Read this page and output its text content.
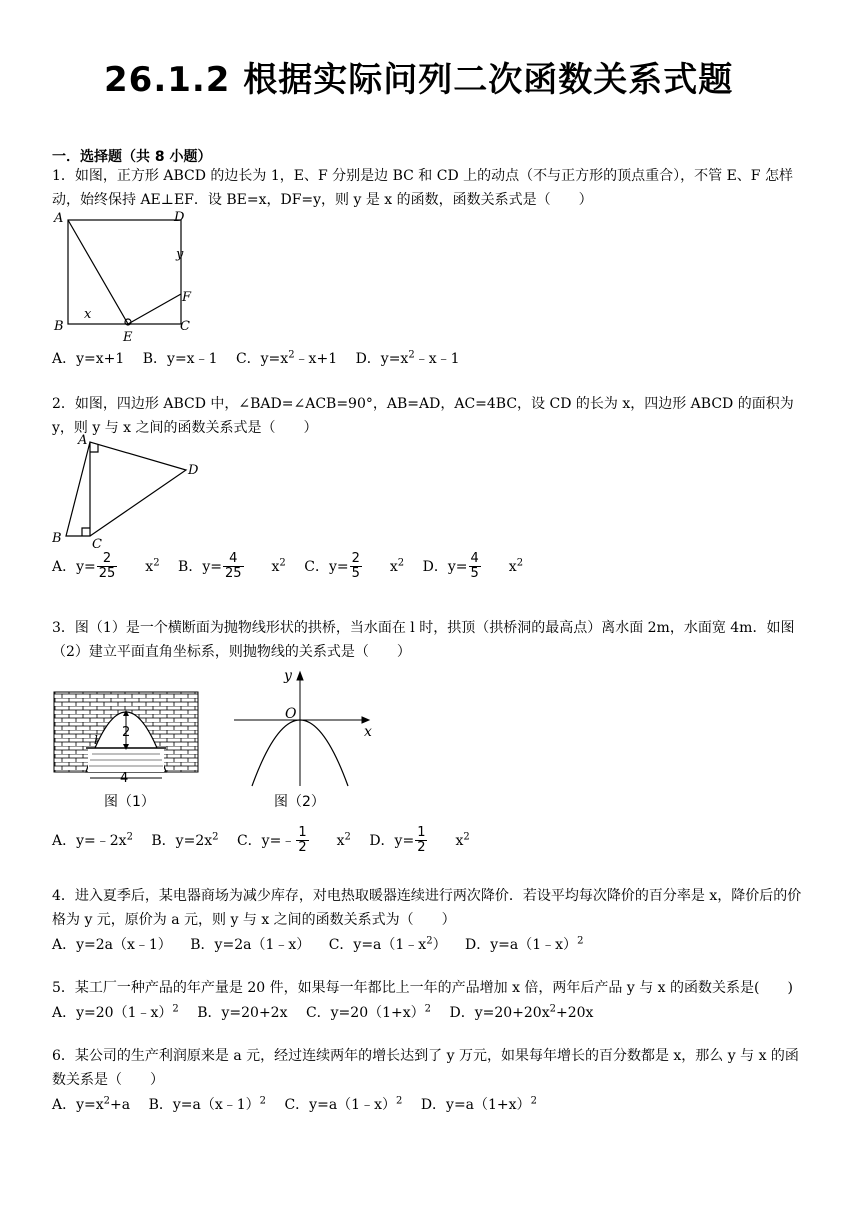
26.1.2 根据实际问列二次函数关系式题
一．选择题（共 8 小题）
1．如图，正方形 ABCD 的边长为 1，E、F 分别是边 BC 和 CD 上的动点（不与正方形的顶点重合），不管 E、F 怎样动，始终保持 AE⊥EF．设 BE=x，DF=y，则 y 是 x 的函数，函数关系式是（　　）
A	D
B	C
E
F
x
y
A．y=x+1 B．y=x﹣1 C．$y=x^2﹣x+1$ D．$y=x^2﹣x﹣1$
2．如图，四边形 ABCD 中，∠BAD=∠ACB=90°，AB=AD，AC=4BC，设 CD 的长为 x，四边形 ABCD 的面积为 y，则 y 与 x 之间的函数关系式是（　　）
A
D
B C
A．$y= \frac{2}{25} x^2$ B．$y= \frac{4}{25} x^2$ C．$y= \frac{2}{5} x^2$ D．$y= \frac{4}{5} x^2$
3．图（1）是一个横断面为抛物线形状的拱桥，当水面在 l 时，拱顶（拱桥洞的最高点）离水面 2m，水面宽 4m．如图（2）建立平面直角坐标系，则抛物线的关系式是（　　）
2
4
l
图（1）
x
y
O
图（2）
A．$y=﹣2x^2$ B．$y=2x^2$ C．y=﹣ $\frac{1}{2} x^2$ D．$y= \frac{1}{2} x^2$
4．进入夏季后，某电器商场为减少库存，对电热取暖器连续进行两次降价．若设平均每次降价的百分率是 x，降价后的价格为 y 元，原价为 a 元，则 y 与 x 之间的函数关系式为（　　）
A．y=2a（x﹣1） B．y=2a（1﹣x） C．$y=a(1﹣x^2)$ D．y=a（1﹣x）$^2$
5．某工厂一种产品的年产量是 20 件，如果每一年都比上一年的产品增加 x 倍，两年后产品 y 与 x 的函数关系是(　　)
A．y=20（1﹣x）$^2$ B．y=20+2x C．$y=20(1+x)^2$ D．$y=20+20x^2+20x$
6．某公司的生产利润原来是 a 元，经过连续两年的增长达到了 y 万元，如果每年增长的百分数都是 x，那么 y 与 x 的函数关系是（　　）
A．$y=x^2+a$ B．y=a（x﹣1）$^2$ C．y=a（1﹣x）$^2$ D．$y=a(1+x)^2$
